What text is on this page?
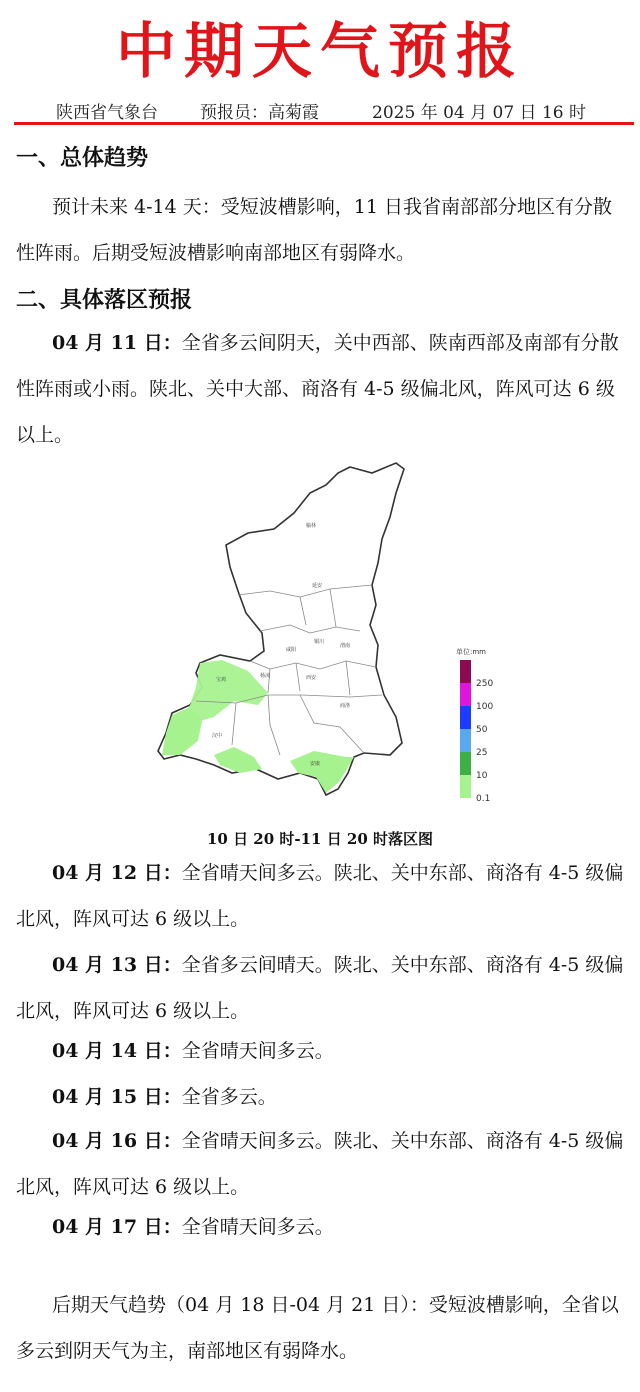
中期天气预报
陕西省气象台 预报员：高菊霞	2025 年 04 月 07 日 16 时
一、总体趋势
预计未来 4-14 天：受短波槽影响，11 日我省南部部分地区有分散性阵雨。后期受短波槽影响南部地区有弱降水。
二、具体落区预报
04 月 11 日：全省多云间阴天，关中西部、陕南西部及南部有分散性阵雨或小雨。陕北、关中大部、商洛有 4-5 级偏北风，阵风可达 6 级以上。
榆林
延安
铜川
渭南
咸阳
宝鸡
杨凌	西安
商洛
汉中
安康
单位:mm
250
100
50
25
10
0.1
10 日 20 时-11 日 20 时落区图
04 月 12 日：全省晴天间多云。陕北、关中东部、商洛有 4-5 级偏北风，阵风可达 6 级以上。
04 月 13 日：全省多云间晴天。陕北、关中东部、商洛有 4-5 级偏北风，阵风可达 6 级以上。
04 月 14 日：全省晴天间多云。
04 月 15 日：全省多云。
04 月 16 日：全省晴天间多云。陕北、关中东部、商洛有 4-5 级偏北风，阵风可达 6 级以上。
04 月 17 日：全省晴天间多云。
后期天气趋势（04 月 18 日-04 月 21 日）：受短波槽影响，全省以多云到阴天气为主，南部地区有弱降水。
